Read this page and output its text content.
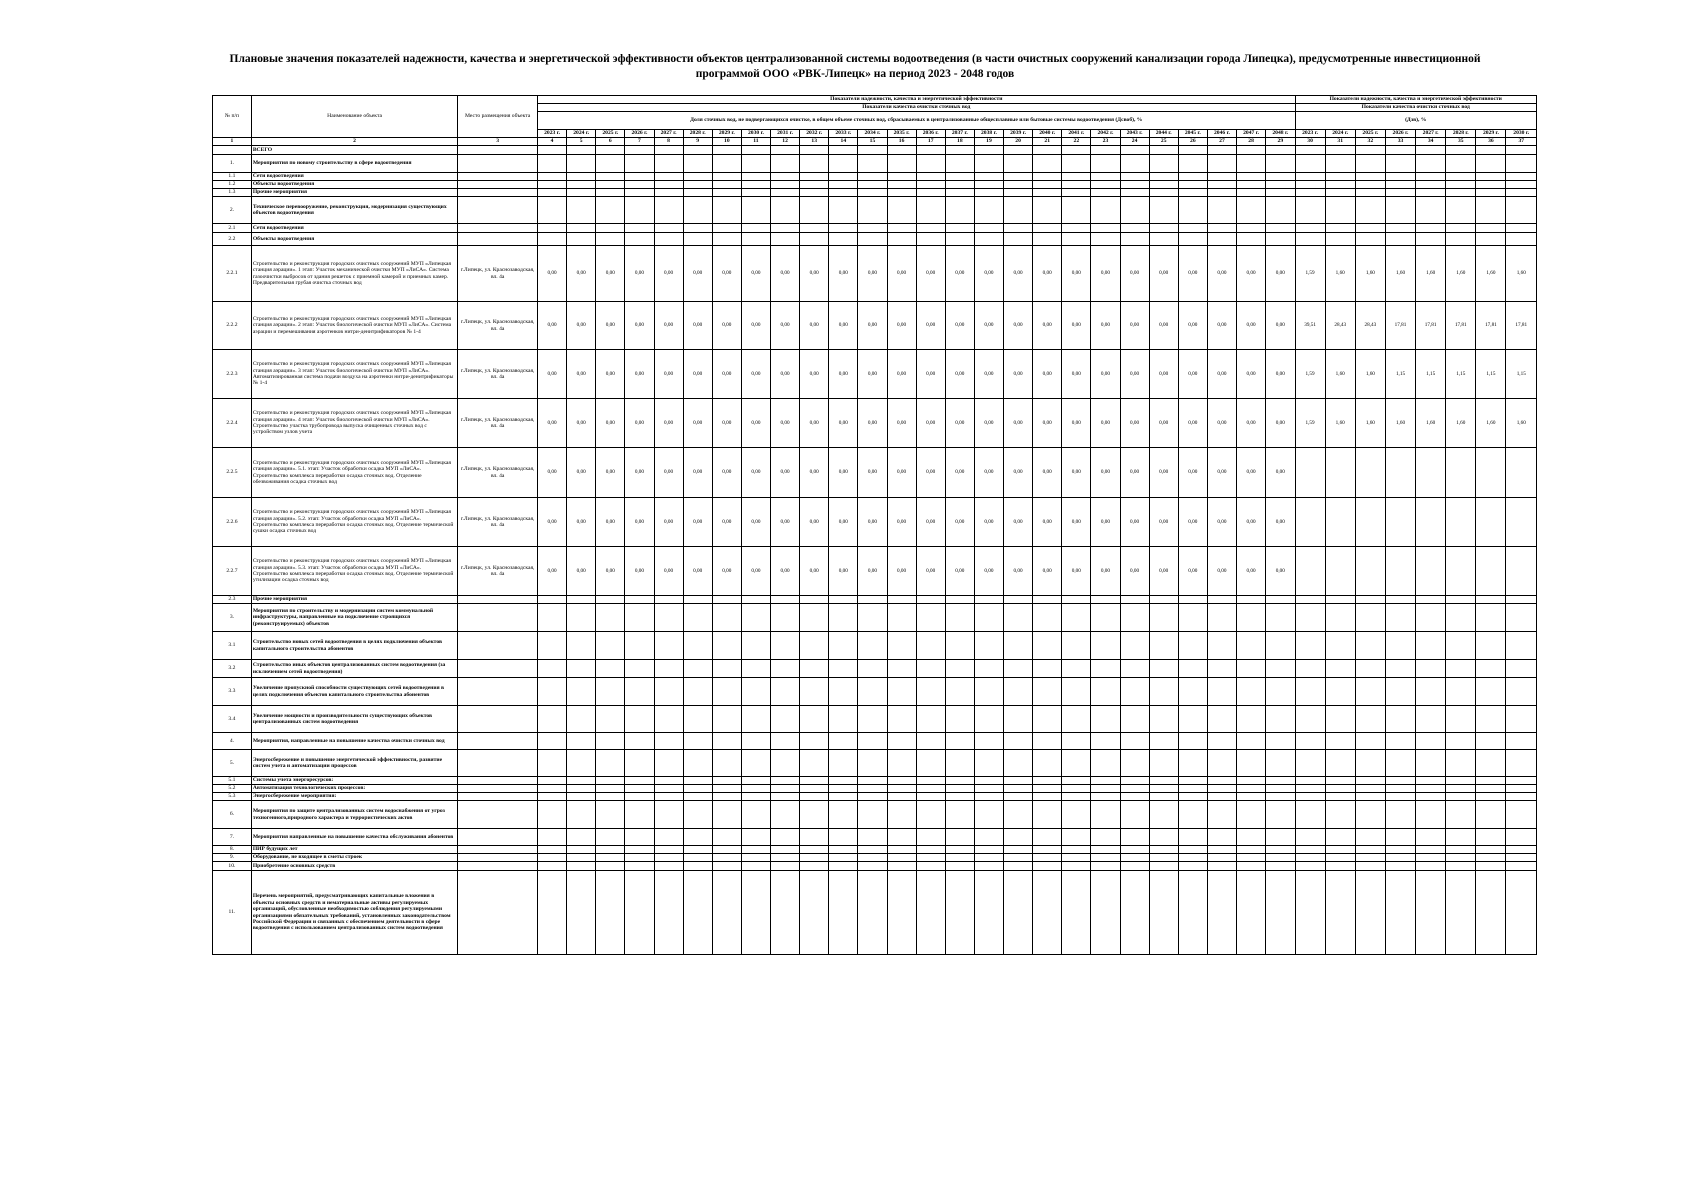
Плановые значения показателей надежности, качества и энергетической эффективности объектов централизованной системы водоотведения (в части очистных сооружений канализации города Липецка), предусмотренные инвестиционной программой ООО «РВК-Липецк» на период 2023 - 2048 годов
№ п/п	Наименование объекта	Место размещения объекта	Показатели надежности, качества и энергетической эффективности																										Показатели надежности, качества и энергетической эффективности							
			Показатели качества очистки сточных вод																										Показатели качества очистки сточных вод							
			Доля сточных вод, не подвергающихся очистке, в общем объеме сточных вод, сбрасываемых в централизованные общесплавные или бытовые системы водоотведения (Дсвоб), %																										(Дзв), %							
			2023 г.	2024 г.	2025 г.	2026 г.	2027 г.	2028 г.	2029 г.	2030 г.	2031 г.	2032 г.	2033 г.	2034 г.	2035 г.	2036 г.	2037 г.	2038 г.	2039 г.	2040 г.	2041 г.	2042 г.	2043 г.	2044 г.	2045 г.	2046 г.	2047 г.	2048 г.	2023 г.	2024 г.	2025 г.	2026 г.	2027 г.	2028 г.	2029 г.	2030 г.
1	2	3	4	5	6	7	8	9	10	11	12	13	14	15	16	17	18	19	20	21	22	23	24	25	26	27	28	29	30	31	32	33	34	35	36	37
	ВСЕГО																																			
1.	Мероприятия по новому строительству в сфере водоотведения																																			
1.1	Сети водоотведения																																			
1.2	Объекты водоотведения																																			
1.3	Прочие мероприятия																																			
2.	Техническое перевооружение, реконструкция, модернизация существующих объектов водоотведения																																			
2.1	Сети водоотведения																																			
2.2	Объекты водоотведения																																			
2.2.1	Строительство и реконструкция городских очистных сооружений МУП «Липецкая станция аэрации». 1 этап: Участок механической очистки МУП «ЛиСА». Система газоочистки выбросов от здания решеток с приемной камерой и приемных камер. Предварительная грубая очистка сточных вод	г.Липецк, ул. Краснозаводская, вл. 4а	0,00	0,00	0,00	0,00	0,00	0,00	0,00	0,00	0,00	0,00	0,00	0,00	0,00	0,00	0,00	0,00	0,00	0,00	0,00	0,00	0,00	0,00	0,00	0,00	0,00	0,00	1,59	1,60	1,60	1,60	1,60	1,60	1,60	1,60
2.2.2	Строительство и реконструкция городских очистных сооружений МУП «Липецкая станция аэрации». 2 этап: Участок биологической очистки МУП «ЛиСА». Система аэрации и перемешивания аэротенков нитри-денитрификаторов № 1-4	г.Липецк, ул. Краснозаводская, вл. 4а	0,00	0,00	0,00	0,00	0,00	0,00	0,00	0,00	0,00	0,00	0,00	0,00	0,00	0,00	0,00	0,00	0,00	0,00	0,00	0,00	0,00	0,00	0,00	0,00	0,00	0,00	39,51	28,43	28,43	17,81	17,81	17,81	17,81	17,81
2.2.3	Строительство и реконструкция городских очистных сооружений МУП «Липецкая станция аэрации». 3 этап: Участок биологической очистки МУП «ЛиСА». Автоматизированная система подачи воздуха на аэротенки нитри-денитрификаторы № 1-4	г.Липецк, ул. Краснозаводская, вл. 4а	0,00	0,00	0,00	0,00	0,00	0,00	0,00	0,00	0,00	0,00	0,00	0,00	0,00	0,00	0,00	0,00	0,00	0,00	0,00	0,00	0,00	0,00	0,00	0,00	0,00	0,00	1,59	1,60	1,60	1,15	1,15	1,15	1,15	1,15
2.2.4	Строительство и реконструкция городских очистных сооружений МУП «Липецкая станция аэрации». 4 этап: Участок биологической очистки МУП «ЛиСА». Строительство участка трубопровода выпуска очищенных сточных вод с устройством узлов учета	г.Липецк, ул. Краснозаводская, вл. 4а	0,00	0,00	0,00	0,00	0,00	0,00	0,00	0,00	0,00	0,00	0,00	0,00	0,00	0,00	0,00	0,00	0,00	0,00	0,00	0,00	0,00	0,00	0,00	0,00	0,00	0,00	1,59	1,60	1,60	1,60	1,60	1,60	1,60	1,60
2.2.5	Строительство и реконструкция городских очистных сооружений МУП «Липецкая станция аэрации». 5.1. этап: Участок обработки осадка МУП «ЛиСА». Строительство комплекса переработки осадка сточных вод. Отделение обезвоживания осадка сточных вод	г.Липецк, ул. Краснозаводская, вл. 4а	0,00	0,00	0,00	0,00	0,00	0,00	0,00	0,00	0,00	0,00	0,00	0,00	0,00	0,00	0,00	0,00	0,00	0,00	0,00	0,00	0,00	0,00	0,00	0,00	0,00	0,00								
2.2.6	Строительство и реконструкция городских очистных сооружений МУП «Липецкая станция аэрации». 5.2. этап: Участок обработки осадка МУП «ЛиСА». Строительство комплекса переработки осадка сточных вод. Отделение термической сушки осадка сточных вод	г.Липецк, ул. Краснозаводская, вл. 4а	0,00	0,00	0,00	0,00	0,00	0,00	0,00	0,00	0,00	0,00	0,00	0,00	0,00	0,00	0,00	0,00	0,00	0,00	0,00	0,00	0,00	0,00	0,00	0,00	0,00	0,00								
2.2.7	Строительство и реконструкция городских очистных сооружений МУП «Липецкая станция аэрации». 5.3. этап: Участок обработки осадка МУП «ЛиСА». Строительство комплекса переработки осадка сточных вод. Отделение термической утилизации осадка сточных вод	г.Липецк, ул. Краснозаводская, вл. 4а	0,00	0,00	0,00	0,00	0,00	0,00	0,00	0,00	0,00	0,00	0,00	0,00	0,00	0,00	0,00	0,00	0,00	0,00	0,00	0,00	0,00	0,00	0,00	0,00	0,00	0,00								
2.3	Прочие мероприятия																																			
3.	Мероприятия по строительству и модернизации систем коммунальной инфраструктуры, направленные на подключение строящихся (реконструируемых) объектов																																			
3.1	Строительство новых сетей водоотведения в целях подключения объектов капитального строительства абонентов																																			
3.2	Строительство иных объектов централизованных систем водоотведения (за исключением сетей водоотведения)																																			
3.3	Увеличение пропускной способности существующих сетей водоотведения в целях подключения объектов капитального строительства абонентов																																			
3.4	Увеличение мощности и производительности существующих объектов централизованных систем водоотведения																																			
4.	Мероприятия, направленные на повышение качества очистки сточных вод																																			
5.	Энергосбережение и повышение энергетической эффективности, развитие систем учета и автоматизации процессов																																			
5.1	Системы учета энергоресурсов:																																			
5.2	Автоматизация технологических процессов:																																			
5.3	Энергосбережение мероприятия:																																			
6.	Мероприятия по защите централизованных систем водоснабжения от угроз техногенного,природного характера и террористических актов																																			
7.	Мероприятия направленные на повышение качества обслуживания абонентов																																			
8.	ПИР будущих лет																																			
9.	Оборудование, не входящее в сметы строек																																			
10.	Приобретение основных средств																																			
11.	Перечень мероприятий, предусматривающих капитальные вложения в объекты основных средств и нематериальные активы регулируемых организаций, обусловленные необходимостью соблюдения регулируемыми организациями обязательных требований, установленных законодательством Российской Федерации и связанных с обеспечением деятельности в сфере водоотведения с использованием централизованных систем водоотведения																																			
